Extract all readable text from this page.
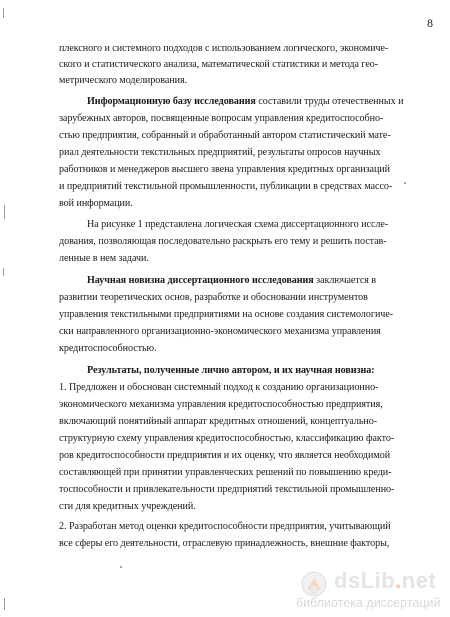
8
плексного и системного подходов с использованием логического, экономиче-
ского и статистического анализа, математической статистики и метода гео-
метрического моделирования.
Информационную базу исследования составили труды отечественных и
зарубежных авторов, посвященные вопросам управления кредитоспособно-
стью предприятия, собранный и обработанный автором статистический мате-
риал деятельности текстильных предприятий, результаты опросов научных
работников и менеджеров высшего звена управления кредитных организаций
и предприятий текстильной промышленности, публикации в средствах массо-
вой информации.
На рисунке 1 представлена логическая схема диссертационного иссле-
дования, позволяющая последовательно раскрыть его тему и решить постав-
ленные в нем задачи.
Научная новизна диссертационного исследования заключается в
развитии теоретических основ, разработке и обосновании инструментов
управления текстильными предприятиями на основе создания системологиче-
ски направленного организационно-экономического механизма управления
кредитоспособностью.
Результаты, полученные лично автором, и их научная новизна:
1. Предложен и обоснован системный подход к созданию организационно-
экономического механизма управления кредитоспособностью предприятия,
включающий понятийный аппарат кредитных отношений, концептуально-
структурную схему управления кредитоспособностью, классификацию факто-
ров кредитоспособности предприятия и их оценку, что является необходимой
составляющей при принятии управленческих решений по повышению креди-
тоспособности и привлекательности предприятий текстильной промышленно-
сти для кредитных учреждений.
2. Разработан метод оценки кредитоспособности предприятия, учитывающий
все сферы его деятельности, отраслевую принадлежность, внешние факторы,
dsLib.net
библиотека диссертаций
